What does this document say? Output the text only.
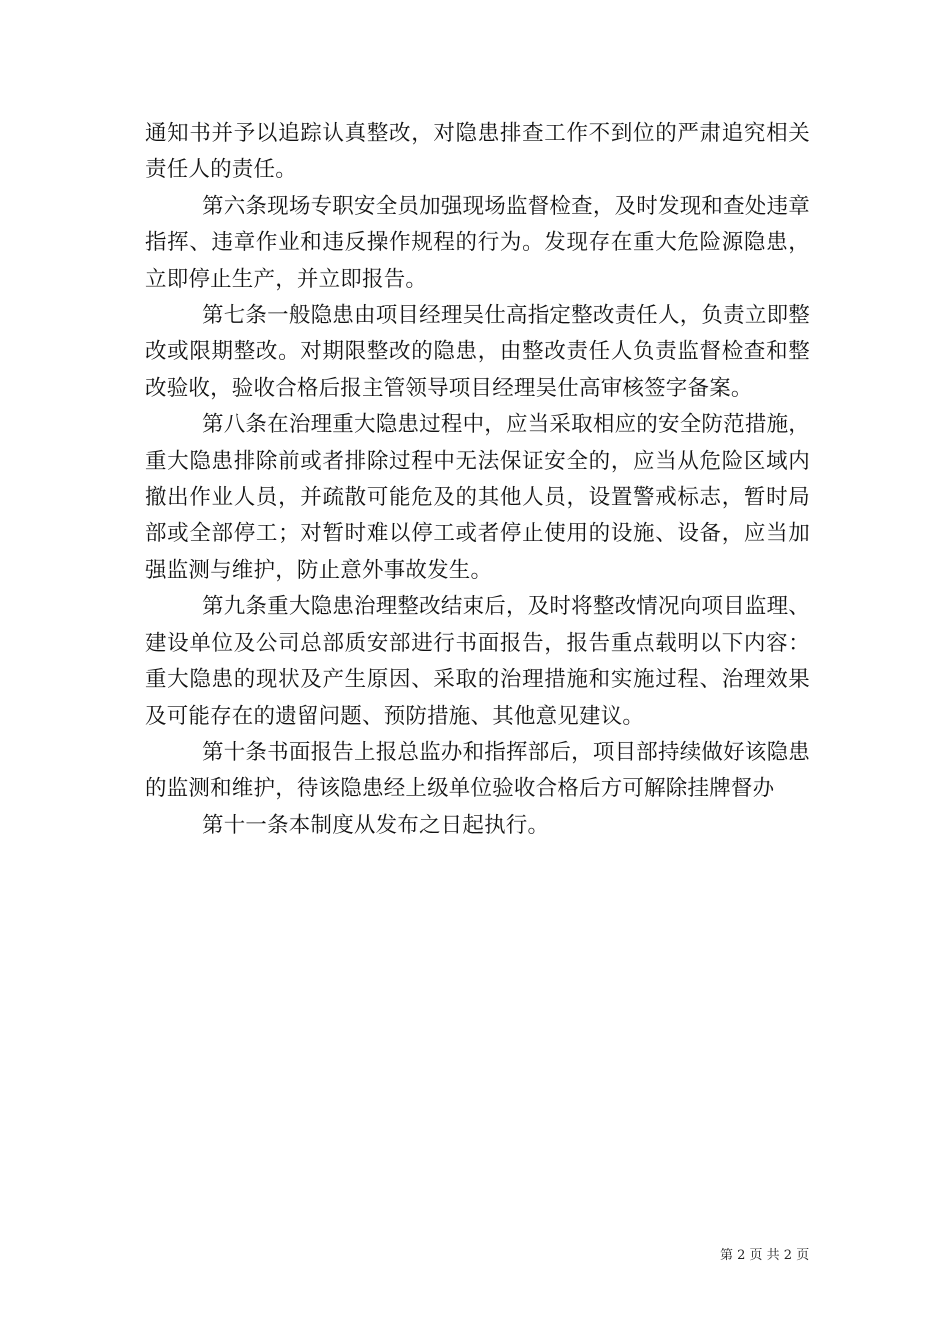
通知书并予以追踪认真整改，对隐患排查工作不到位的严肃追究相关责任人的责任。

第六条现场专职安全员加强现场监督检查，及时发现和查处违章指挥、违章作业和违反操作规程的行为。发现存在重大危险源隐患，立即停止生产，并立即报告。

第七条一般隐患由项目经理吴仕高指定整改责任人，负责立即整改或限期整改。对期限整改的隐患，由整改责任人负责监督检查和整改验收，验收合格后报主管领导项目经理吴仕高审核签字备案。

第八条在治理重大隐患过程中，应当采取相应的安全防范措施，重大隐患排除前或者排除过程中无法保证安全的，应当从危险区域内撤出作业人员，并疏散可能危及的其他人员，设置警戒标志，暂时局部或全部停工；对暂时难以停工或者停止使用的设施、设备，应当加强监测与维护，防止意外事故发生。

第九条重大隐患治理整改结束后，及时将整改情况向项目监理、建设单位及公司总部质安部进行书面报告，报告重点载明以下内容：重大隐患的现状及产生原因、采取的治理措施和实施过程、治理效果及可能存在的遗留问题、预防措施、其他意见建议。

第十条书面报告上报总监办和指挥部后，项目部持续做好该隐患的监测和维护，待该隐患经上级单位验收合格后方可解除挂牌督办

第十一条本制度从发布之日起执行。

第 2 页 共 2 页
